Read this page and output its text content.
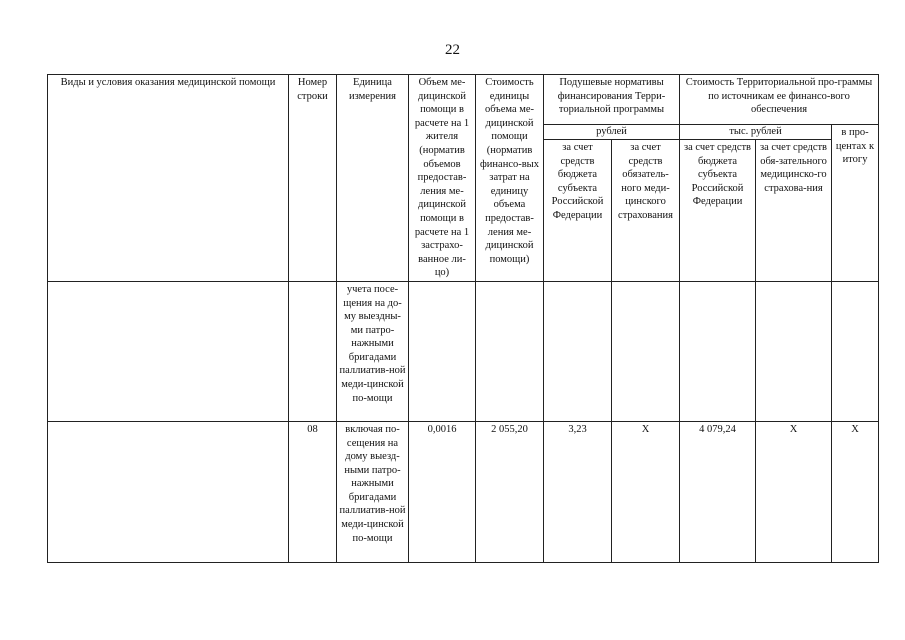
22
Виды и условия оказания медицинской помощи	Номер строки	Единица измерения	Объем ме-дицинской помощи в расчете на 1 жителя (норматив объемов предостав-ления ме-дицинской помощи в расчете на 1 застрахо-ванное ли-цо)	Стоимость единицы объема ме-дицинской помощи (норматив финансо-вых затрат на единицу объема предостав-ления ме-дицинской помощи)	Подушевые нормативы финансирования Терри-ториальной программы		Стоимость Территориальной про-граммы по источникам ее финансо-вого обеспечения		
					рублей		тыс. рублей		в про-центах к итогу
					за счет средств бюджета субъекта Российской Федерации	за счет средств обязатель-ного меди-цинского страхования	за счет средств бюджета субъекта Российской Федерации	за счет средств обя-зательного медицинско-го страхова-ния	
		учета посе-щения на до-му выездны-ми патро-нажными бригадами паллиатив-ной меди-цинской по-мощи							
	08	включая по-сещения на дому выезд-ными патро-нажными бригадами паллиатив-ной меди-цинской по-мощи	0,0016	2 055,20	3,23	X	4 079,24	X	X
